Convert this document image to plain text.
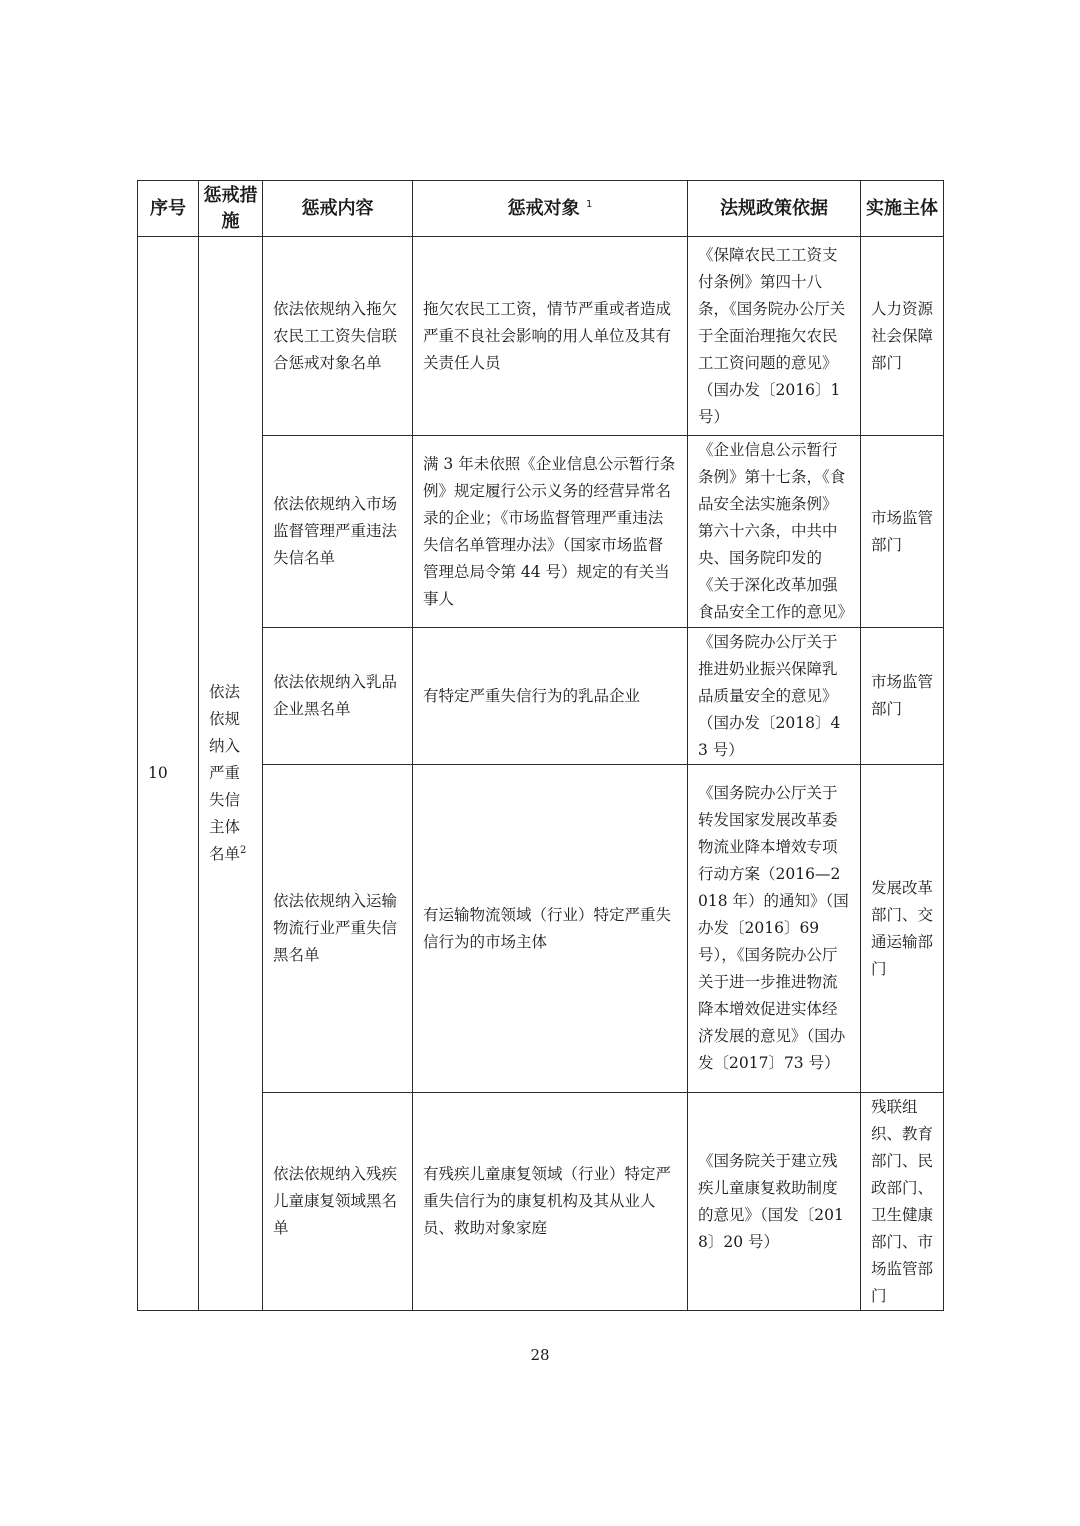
序号	惩戒措施	惩戒内容	惩戒对象 $^1$	法规政策依据	实施主体
10	依法依规纳入严重失信主体名单$^2$	依法依规纳入拖欠农民工工资失信联合惩戒对象名单	拖欠农民工工资，情节严重或者造成严重不良社会影响的用人单位及其有关责任人员	《保障农民工工资支付条例》第四十八条，《国务院办公厅关于全面治理拖欠农民工工资问题的意见》（国办发〔2016〕1 号）	人力资源社会保障部门
		依法依规纳入市场监督管理严重违法失信名单	满 3 年未依照《企业信息公示暂行条例》规定履行公示义务的经营异常名录的企业；《市场监督管理严重违法失信名单管理办法》（国家市场监督管理总局令第 44 号）规定的有关当事人	《企业信息公示暂行条例》第十七条，《食品安全法实施条例》第六十六条，中共中央、国务院印发的《关于深化改革加强食品安全工作的意见》	市场监管部门
		依法依规纳入乳品企业黑名单	有特定严重失信行为的乳品企业	《国务院办公厅关于推进奶业振兴保障乳品质量安全的意见》（国办发〔2018〕43 号）	市场监管部门
		依法依规纳入运输物流行业严重失信黑名单	有运输物流领域（行业）特定严重失信行为的市场主体	《国务院办公厅关于转发国家发展改革委物流业降本增效专项行动方案（2016—2018 年）的通知》（国办发〔2016〕69 号），《国务院办公厅关于进一步推进物流降本增效促进实体经济发展的意见》（国办发〔2017〕73 号）	发展改革部门、交通运输部门
		依法依规纳入残疾儿童康复领域黑名单	有残疾儿童康复领域（行业）特定严重失信行为的康复机构及其从业人员、救助对象家庭	《国务院关于建立残疾儿童康复救助制度的意见》（国发〔2018〕20 号）	残联组织、教育部门、民政部门、卫生健康部门、市场监管部门
28
